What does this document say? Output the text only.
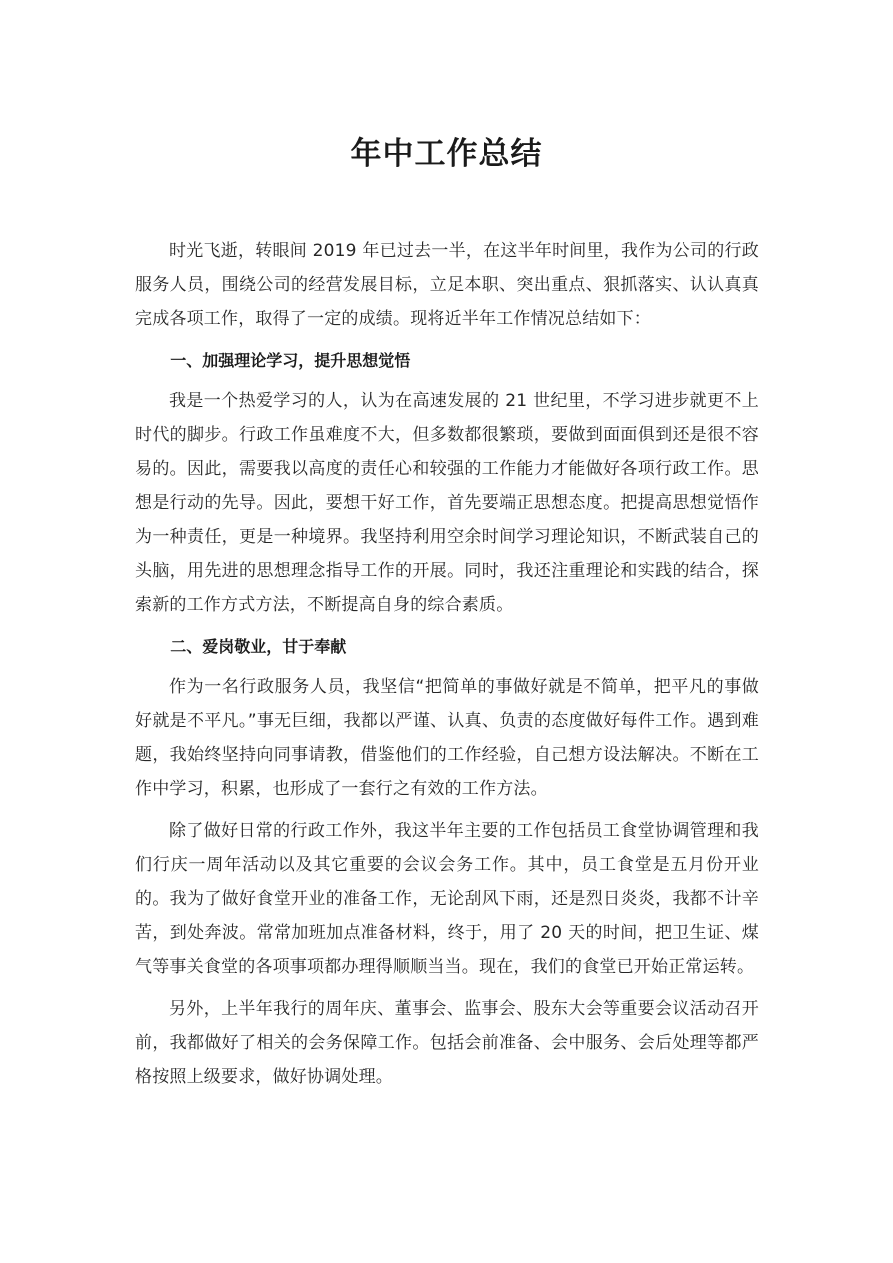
年中工作总结

时光飞逝，转眼间 2019 年已过去一半，在这半年时间里，我作为公司的行政服务人员，围绕公司的经营发展目标，立足本职、突出重点、狠抓落实、认认真真完成各项工作，取得了一定的成绩。现将近半年工作情况总结如下：

一、加强理论学习，提升思想觉悟

我是一个热爱学习的人，认为在高速发展的 21 世纪里，不学习进步就更不上时代的脚步。行政工作虽难度不大，但多数都很繁琐，要做到面面俱到还是很不容易的。因此，需要我以高度的责任心和较强的工作能力才能做好各项行政工作。思想是行动的先导。因此，要想干好工作，首先要端正思想态度。把提高思想觉悟作为一种责任，更是一种境界。我坚持利用空余时间学习理论知识，不断武装自己的头脑，用先进的思想理念指导工作的开展。同时，我还注重理论和实践的结合，探索新的工作方式方法，不断提高自身的综合素质。

二、爱岗敬业，甘于奉献

作为一名行政服务人员，我坚信“把简单的事做好就是不简单，把平凡的事做好就是不平凡。”事无巨细，我都以严谨、认真、负责的态度做好每件工作。遇到难题，我始终坚持向同事请教，借鉴他们的工作经验，自己想方设法解决。不断在工作中学习，积累，也形成了一套行之有效的工作方法。

除了做好日常的行政工作外，我这半年主要的工作包括员工食堂协调管理和我们行庆一周年活动以及其它重要的会议会务工作。其中，员工食堂是五月份开业的。我为了做好食堂开业的准备工作，无论刮风下雨，还是烈日炎炎，我都不计辛苦，到处奔波。常常加班加点准备材料，终于，用了 20 天的时间，把卫生证、煤气等事关食堂的各项事项都办理得顺顺当当。现在，我们的食堂已开始正常运转。

另外，上半年我行的周年庆、董事会、监事会、股东大会等重要会议活动召开前，我都做好了相关的会务保障工作。包括会前准备、会中服务、会后处理等都严格按照上级要求，做好协调处理。
